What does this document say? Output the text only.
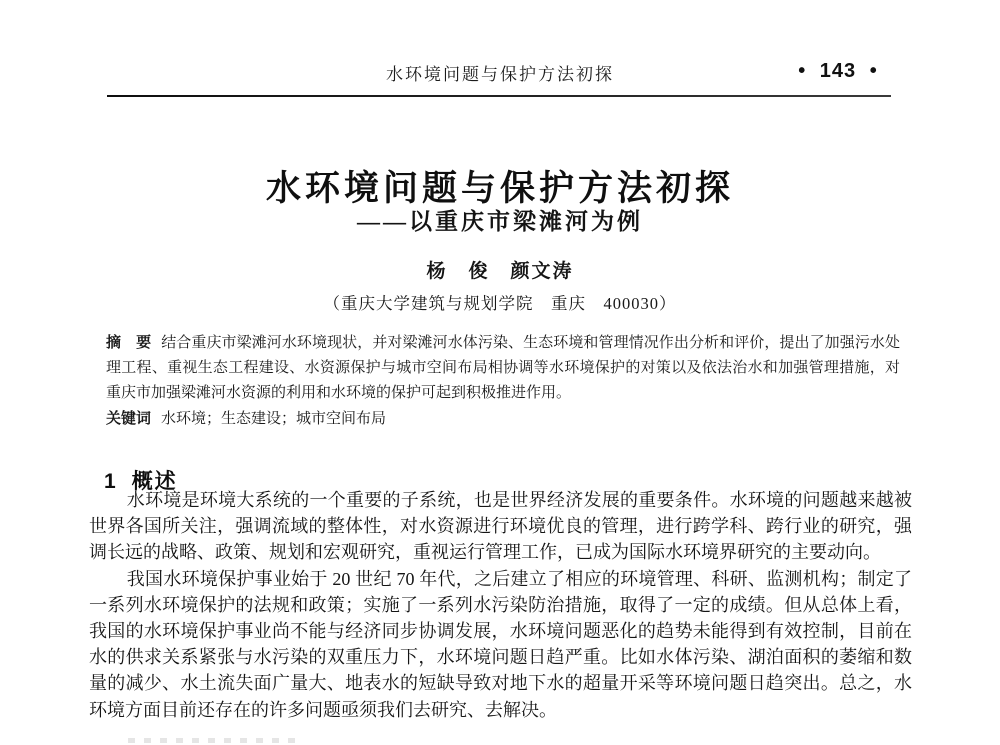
水环境问题与保护方法初探	• 143 •
水环境问题与保护方法初探
——以重庆市梁滩河为例
杨　俊　颜文涛
（重庆大学建筑与规划学院　重庆　400030）

摘　要 结合重庆市梁滩河水环境现状，并对梁滩河水体污染、生态环境和管理情况作出分析和评价，提出了加强污水处理工程、重视生态工程建设、水资源保护与城市空间布局相协调等水环境保护的对策以及依法治水和加强管理措施，对重庆市加强梁滩河水资源的利用和水环境的保护可起到积极推进作用。

关键词 水环境；生态建设；城市空间布局

1 概述

水环境是环境大系统的一个重要的子系统，也是世界经济发展的重要条件。水环境的问题越来越被世界各国所关注，强调流域的整体性，对水资源进行环境优良的管理，进行跨学科、跨行业的研究，强调长远的战略、政策、规划和宏观研究，重视运行管理工作，已成为国际水环境界研究的主要动向。

我国水环境保护事业始于 20 世纪 70 年代，之后建立了相应的环境管理、科研、监测机构；制定了一系列水环境保护的法规和政策；实施了一系列水污染防治措施，取得了一定的成绩。但从总体上看，我国的水环境保护事业尚不能与经济同步协调发展，水环境问题恶化的趋势未能得到有效控制，目前在水的供求关系紧张与水污染的双重压力下，水环境问题日趋严重。比如水体污染、湖泊面积的萎缩和数量的减少、水土流失面广量大、地表水的短缺导致对地下水的超量开采等环境问题日趋突出。总之，水环境方面目前还存在的许多问题亟须我们去研究、去解决。
